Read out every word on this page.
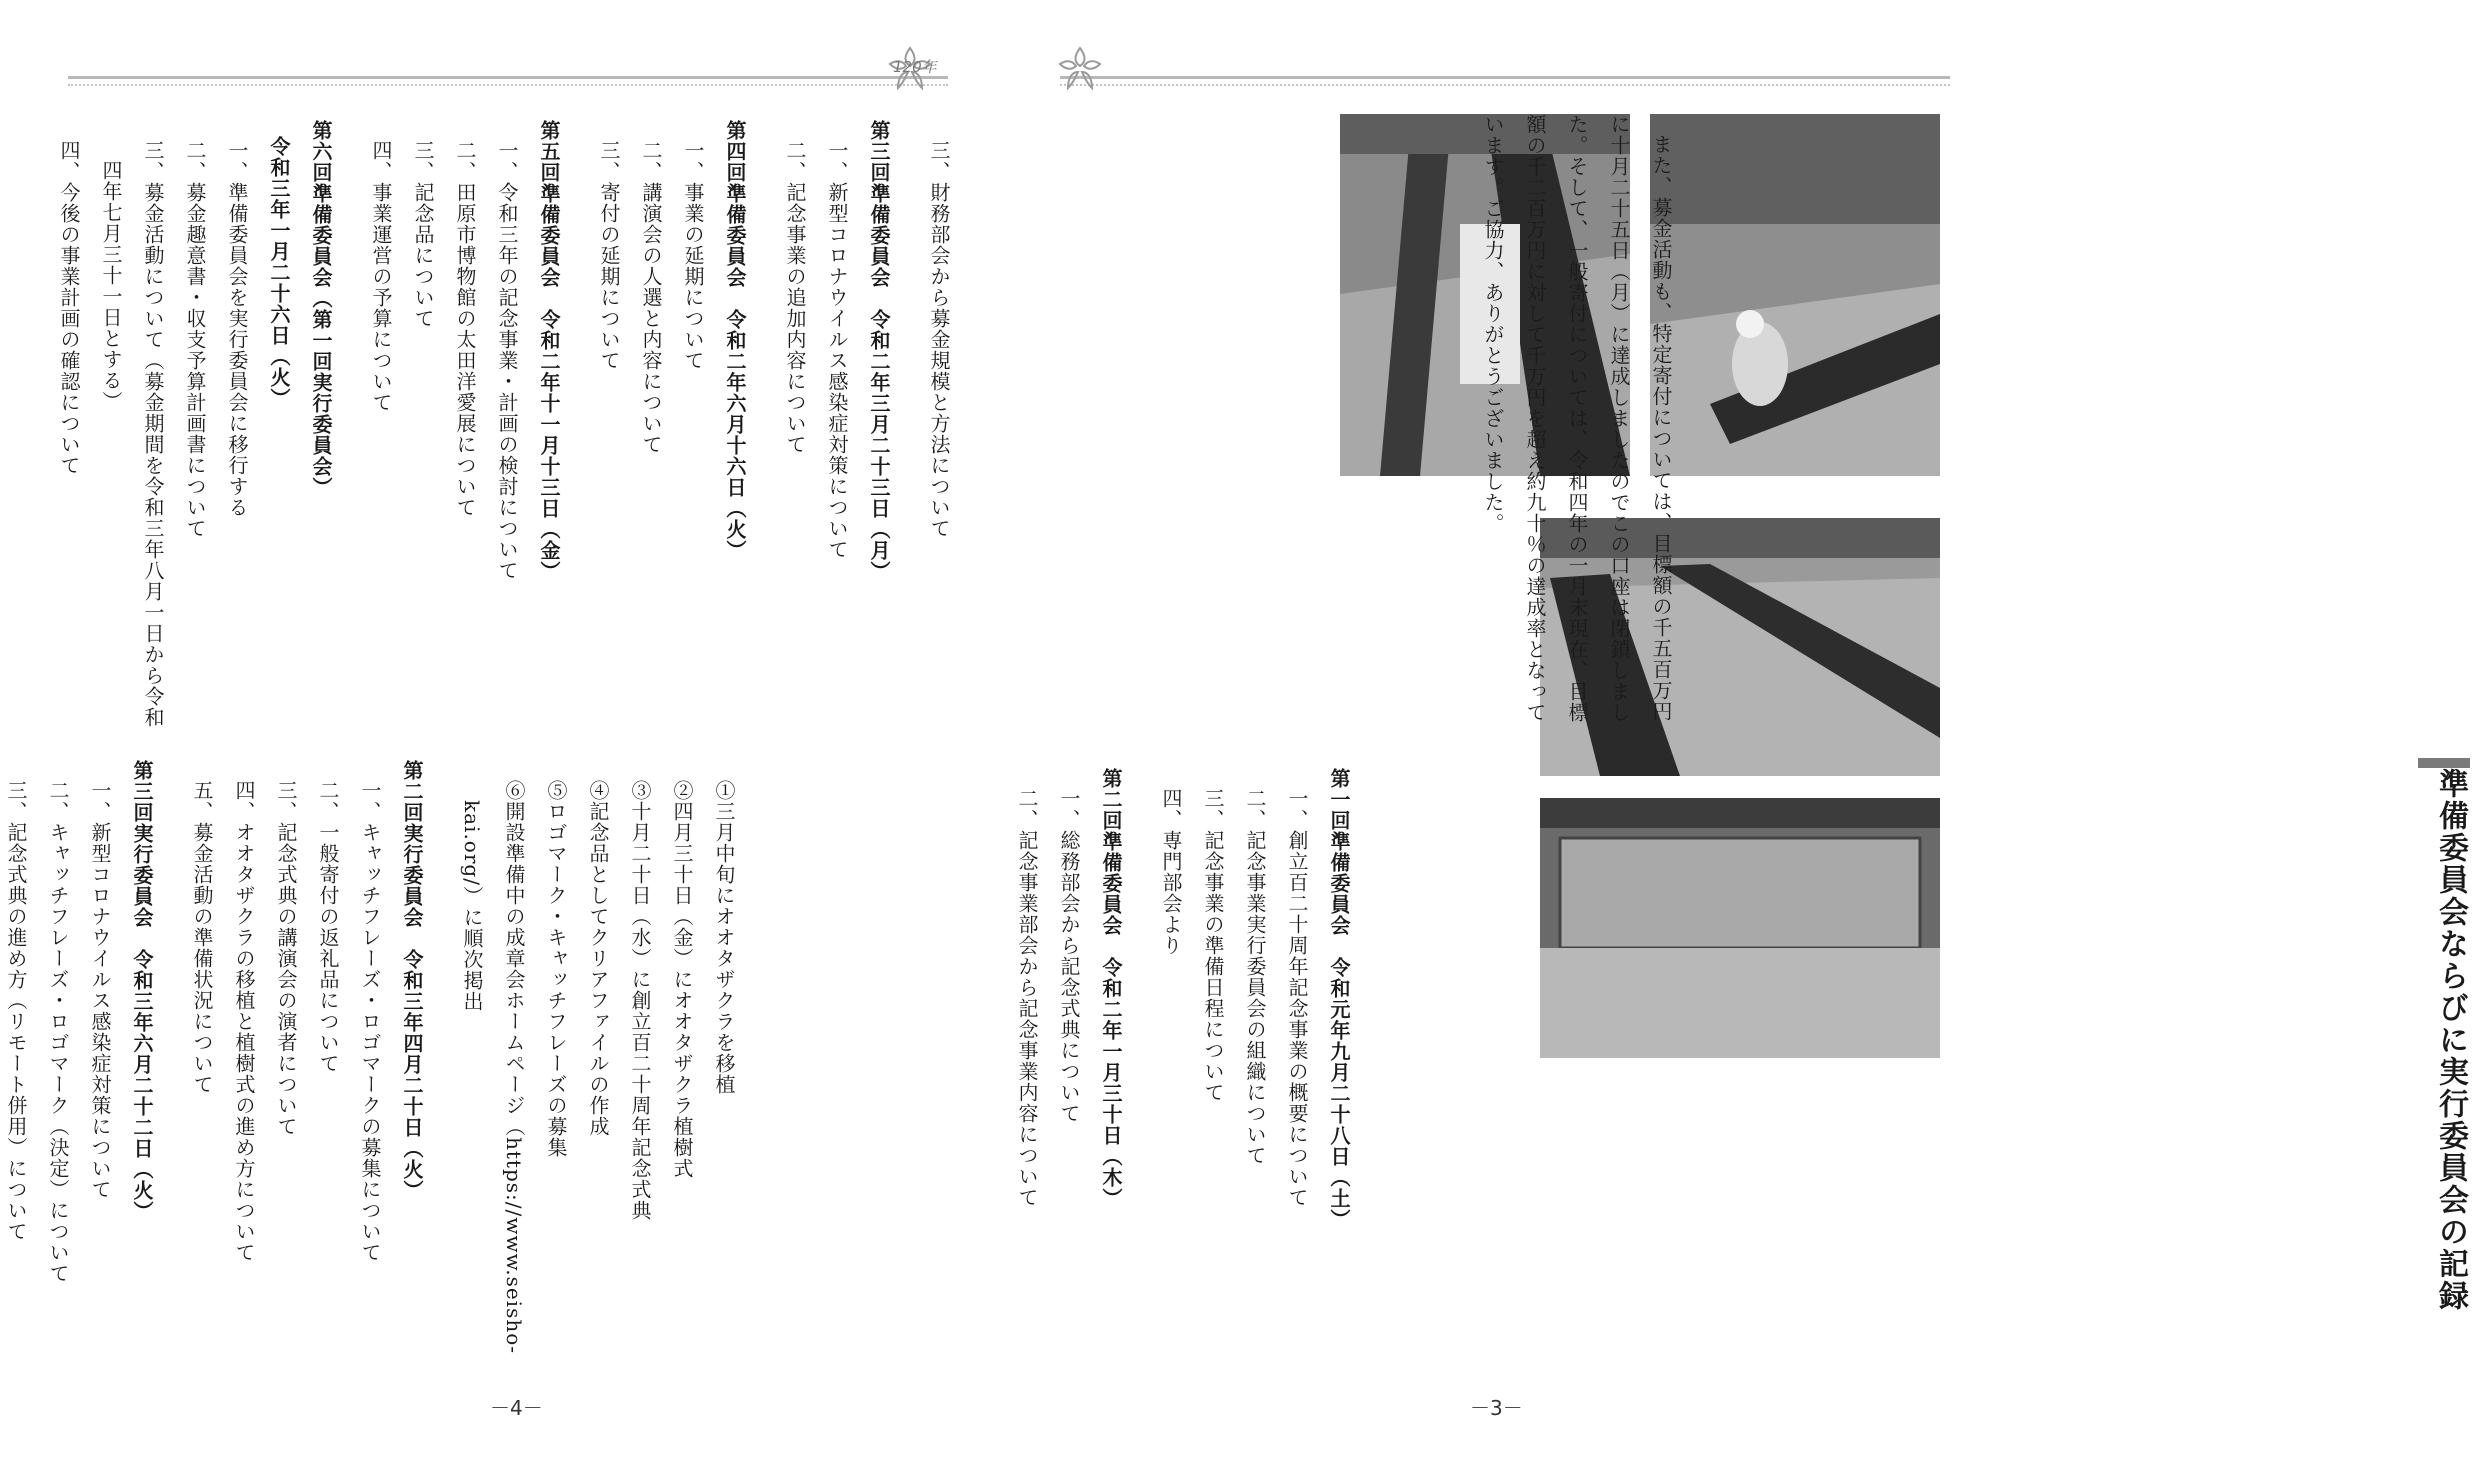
120年
三、財務部会から募金規模と方法について
第三回準備委員会　令和二年三月二十三日（月）
一、新型コロナウイルス感染症対策について
二、記念事業の追加内容について
第四回準備委員会　令和二年六月十六日（火）
一、事業の延期について
二、講演会の人選と内容について
三、寄付の延期について
第五回準備委員会　令和二年十一月十三日（金）
一、令和三年の記念事業・計画の検討について
二、田原市博物館の太田洋愛展について
三、記念品について
四、事業運営の予算について
第六回準備委員会（第一回実行委員会）
令和三年一月二十六日（火）
一、準備委員会を実行委員会に移行する
二、募金趣意書・収支予算計画書について
三、募金活動について（募金期間を令和三年八月一日から令和
四年七月三十一日とする）
四、今後の事業計画の確認について
①三月中旬にオオタザクラを移植
②四月三十日（金）にオオタザクラ植樹式
③十月二十日（水）に創立百二十周年記念式典
④記念品としてクリアファイルの作成
⑤ロゴマーク・キャッチフレーズの募集
⑥開設準備中の成章会ホームページ（https://www.seisho-
kai.org/）に順次掲出
第二回実行委員会　令和三年四月二十日（火）
一、キャッチフレーズ・ロゴマークの募集について
二、一般寄付の返礼品について
三、記念式典の講演会の演者について
四、オオタザクラの移植と植樹式の進め方について
五、募金活動の準備状況について
第三回実行委員会　令和三年六月二十二日（火）
一、新型コロナウイルス感染症対策について
二、キャッチフレーズ・ロゴマーク（決定）について
三、記念式典の進め方（リモート併用）について
－4－
準備委員会ならびに実行委員会の記録
また、募金活動も、特定寄付については、目標額の千五百万円
に十月二十五日（月）に達成しましたのでこの口座は閉鎖しまし
た。そして、一般寄付については、令和四年の一月末現在、目標
額の千二百万円に対して千万円を超え約九十％の達成率となって
います。ご協力、ありがとうございました。
第一回準備委員会　令和元年九月二十八日（土）
一、創立百二十周年記念事業の概要について
二、記念事業実行委員会の組織について
三、記念事業の準備日程について
四、専門部会より
第二回準備委員会　令和二年一月三十日（木）
一、総務部会から記念式典について
二、記念事業部会から記念事業内容について
－3－
